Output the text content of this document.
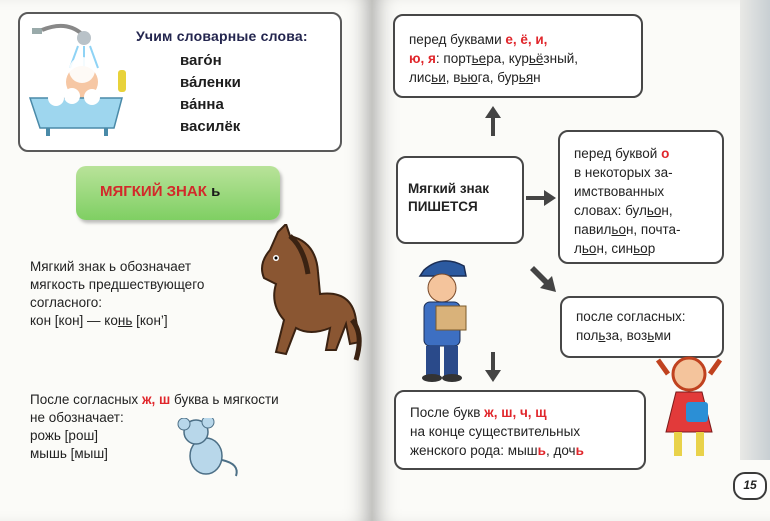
Учим словарные слова:
ваго́н
ва́ленки
ва́нна
василёк
МЯГКИЙ ЗНАК ь
Мягкий знак ь обозначает
мягкость предшествующего
согласного:
кон [кон] — конь [кон’]
После согласных ж, ш буква ь мягкости
не обозначает:
рожь [рош]
мышь [мыш]
перед буквами е, ё, и,
ю, я: портьера, курьёзный,
лисьи, вьюга, бурьян
Мягкий знак
ПИШЕТСЯ
перед буквой о
в некоторых за-
имствованных
словах: бульон,
павильон, почта-
льон, синьор
после согласных:
польза, возьми
После букв ж, ш, ч, щ
на конце существительных
женского рода: мышь, дочь
15
